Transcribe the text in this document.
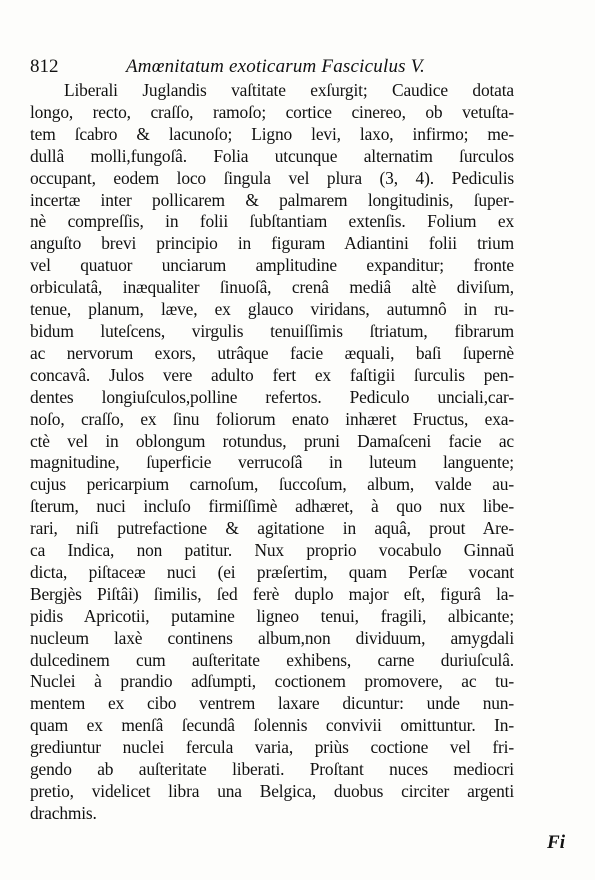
812	Amœnitatum exoticarum Fasciculus V.
Liberali Juglandis vaſtitate exſurgit; Caudice dotata
longo, recto, craſſo, ramoſo; cortice cinereo, ob vetuſta-
tem ſcabro & lacunoſo; Ligno levi, laxo, infirmo; me-
dullâ molli,fungoſâ. Folia utcunque alternatim ſurculos
occupant, eodem loco ſingula vel plura (3, 4). Pediculis
incertæ inter pollicarem & palmarem longitudinis, ſuper-
nè compreſſis, in folii ſubſtantiam extenſis. Folium ex
anguſto brevi principio in figuram Adiantini folii trium
vel quatuor unciarum amplitudine expanditur; fronte
orbiculatâ, inæqualiter ſinuoſâ, crenâ mediâ altè diviſum,
tenue, planum, læve, ex glauco viridans, autumnô in ru-
bidum luteſcens, virgulis tenuiſſimis ſtriatum, fibrarum
ac nervorum exors, utrâque facie æquali, baſi ſupernè
concavâ. Julos vere adulto fert ex faſtigii ſurculis pen-
dentes longiuſculos,polline refertos. Pediculo unciali,car-
noſo, craſſo, ex ſinu foliorum enato inhæret Fructus, exa-
ctè vel in oblongum rotundus, pruni Damaſceni facie ac
magnitudine, ſuperficie verrucoſâ in luteum languente;
cujus pericarpium carnoſum, ſuccoſum, album, valde au-
ſterum, nuci incluſo firmiſſimè adhæret, à quo nux libe-
rari, niſi putrefactione & agitatione in aquâ, prout Are-
ca Indica, non patitur. Nux proprio vocabulo Ginnaŭ
dicta, piſtaceæ nuci (ei præſertim, quam Perſæ vocant
Bergjès Piſtâi) ſimilis, ſed ferè duplo major eſt, figurâ la-
pidis Apricotii, putamine ligneo tenui, fragili, albicante;
nucleum laxè continens album,non dividuum, amygdali
dulcedinem cum auſteritate exhibens, carne duriuſculâ.
Nuclei à prandio adſumpti, coctionem promovere, ac tu-
mentem ex cibo ventrem laxare dicuntur: unde nun-
quam ex menſâ ſecundâ ſolennis convivii omittuntur. In-
grediuntur nuclei fercula varia, priùs coctione vel fri-
gendo ab auſteritate liberati. Proſtant nuces mediocri
pretio, videlicet libra una Belgica, duobus circiter argenti
drachmis.
Fi
